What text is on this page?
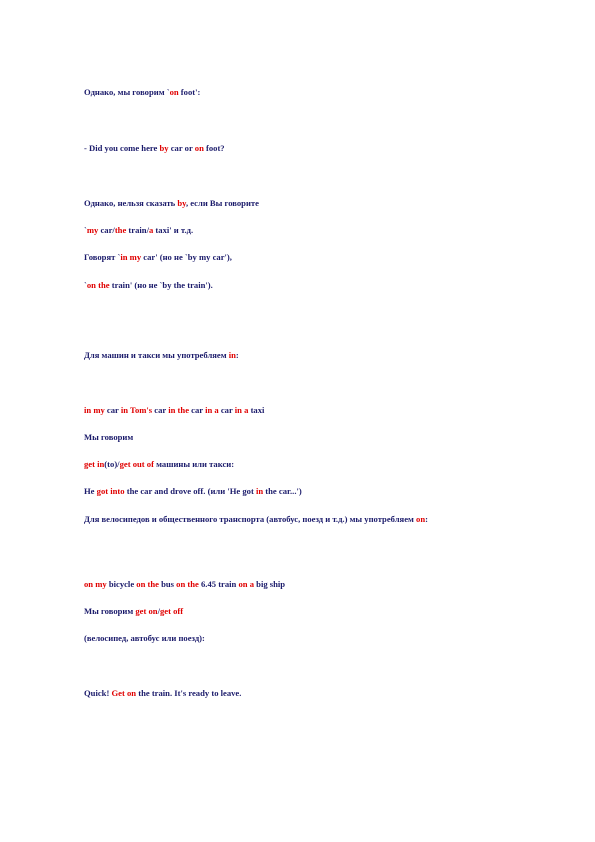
Однако, мы говорим `on foot':
- Did you come here by car or on foot?
Однако, нельзя сказать by, если Вы говорите
`my car/the train/a taxi' и т.д.
Говорят `in my car' (но не `by my car'),
`on the train' (но не `by the train').
Для машин и такси мы употребляем in:
in my car in Tom's car in the car in a car in a taxi
Мы говорим
get in(to)/get out of машины или такси:
He got into the car and drove off. (или 'He got in the car...')
Для велосипедов и общественного транспорта (автобус, поезд и т.д.) мы употребляем on:
on my bicycle on the bus on the 6.45 train on a big ship
Мы говорим get on/get off
(велосипед, автобус или поезд):
Quick! Get on the train. It's ready to leave.
